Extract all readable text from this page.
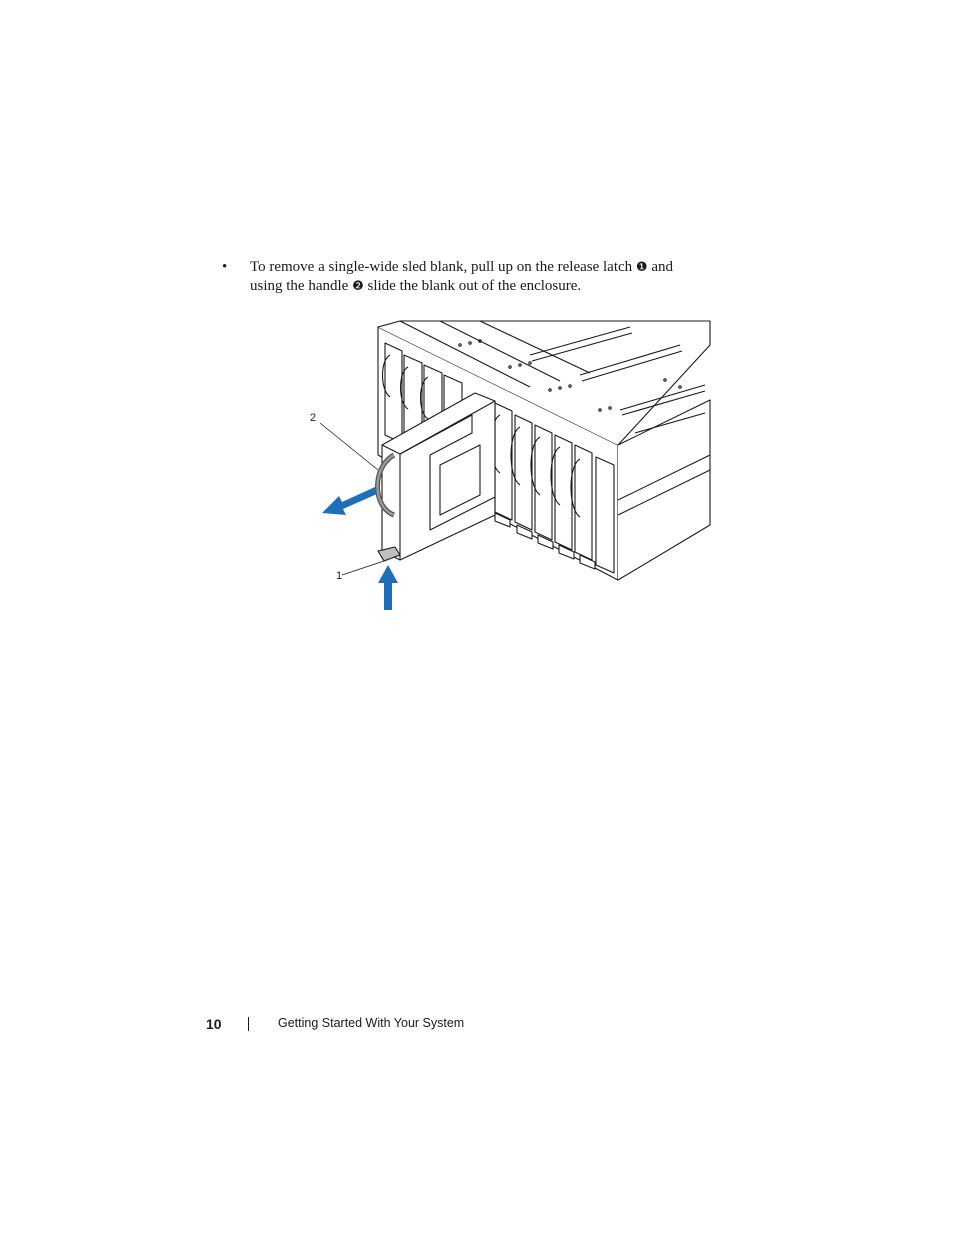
• To remove a single-wide sled blank, pull up on the release latch ❶ and using the handle ❷ slide the blank out of the enclosure.
2
1
10	Getting Started With Your System
